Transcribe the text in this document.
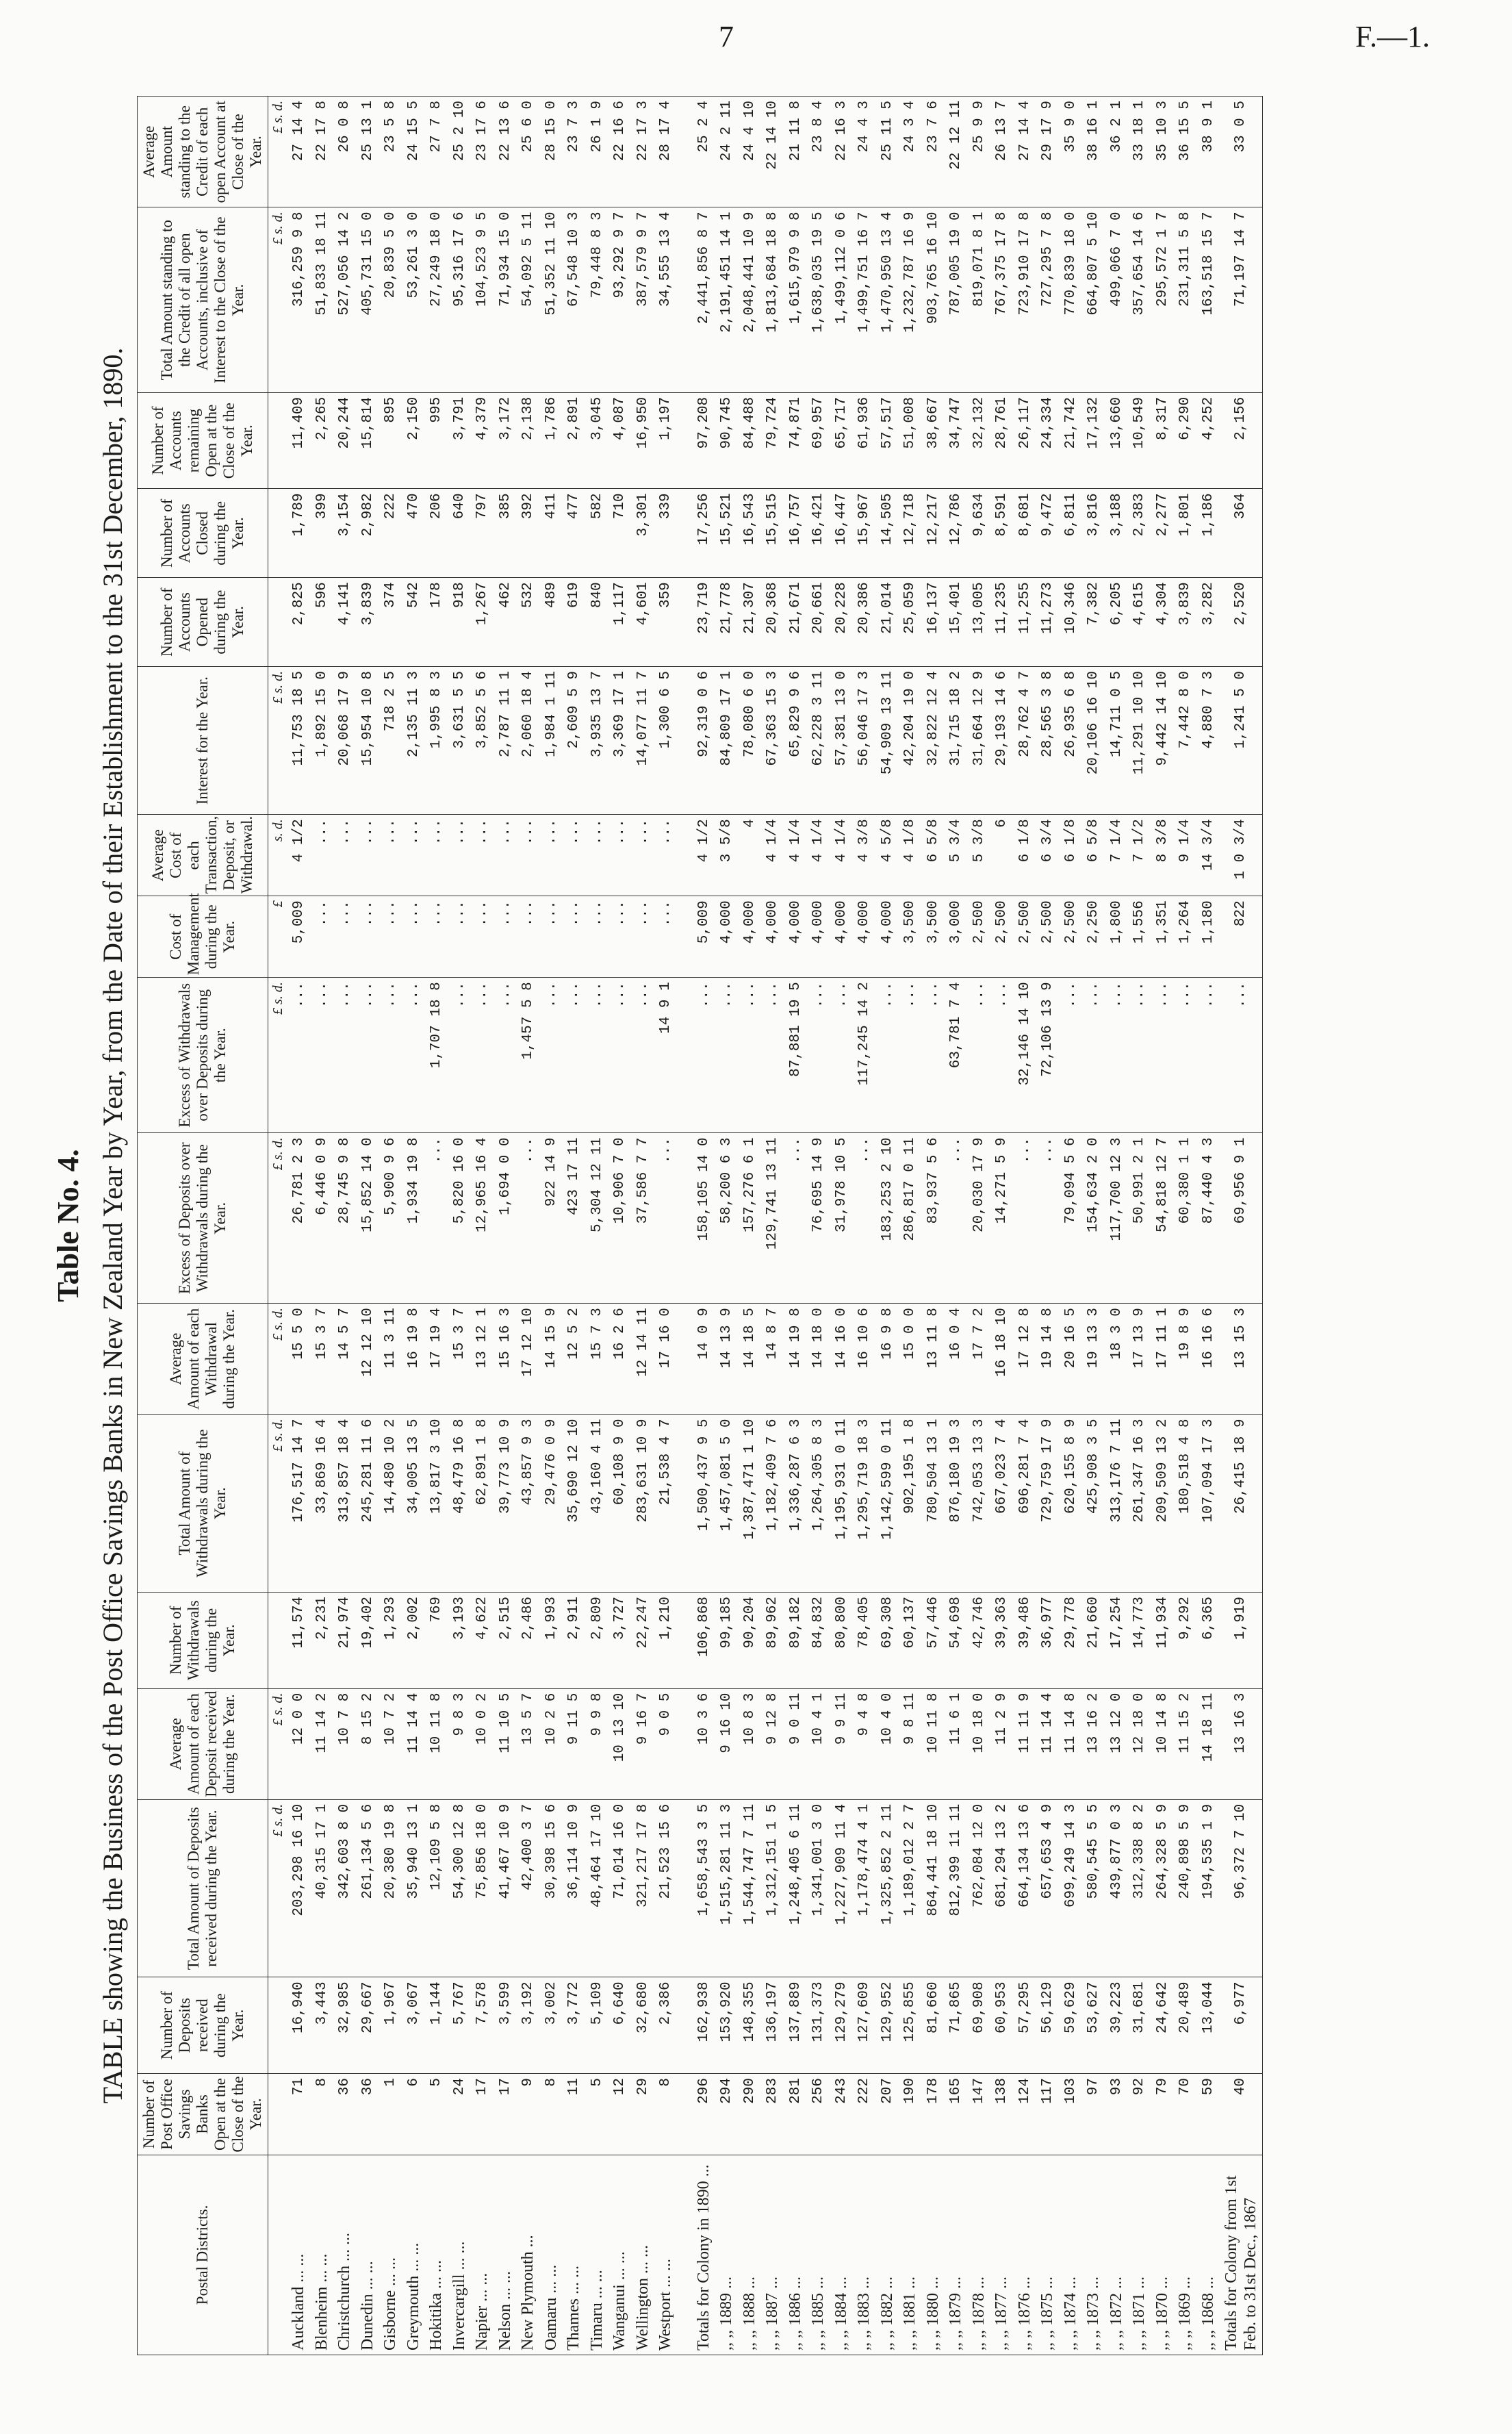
7	F.—1.
Table No. 4. TABLE showing the Business of the Post Office Savings Banks in New Zealand Year by Year, from the Date of their Establishment to the 31st December, 1890.
Postal Districts.	Number of Post Office Savings Banks Open at the Close of the Year.	Number of Deposits received during the Year.	Total Amount of Deposits received during the Year.	Average Amount of each Deposit received during the Year.	Number of Withdrawals during the Year.	Total Amount of Withdrawals during the Year.	Average Amount of each Withdrawal during the Year.	Excess of Deposits over Withdrawals during the Year.	Excess of Withdrawals over Deposits during the Year.	Cost of Management during the Year.	Average Cost of each Transaction, Deposit, or Withdrawal.	Interest for the Year.	Number of Accounts Opened during the Year.	Number of Accounts Closed during the Year.	Number of Accounts remaining Open at the Close of the Year.	Total Amount standing to the Credit of all open Accounts, inclusive of Interest to the Close of the Year.	Average Amount standing to the Credit of each open Account at Close of the Year.
			£ s. d.	£ s. d.		£ s. d.	£ s. d.	£ s. d.	£ s. d.	£	s. d.	£ s. d.				£ s. d.	£ s. d.
Auckland ... ...	71	16,940	203,298 16 10	12 0 0	11,574	176,517 14 7	15 5 0	26,781 2 3	...	5,009	4 1/2	11,753 18 5	2,825	1,789	11,409	316,259 9 8	27 14 4
Blenheim ... ...	8	3,443	40,315 17 1	11 14 2	2,231	33,869 16 4	15 3 7	6,446 0 9	...	...	...	1,892 15 0	596	399	2,265	51,833 18 11	22 17 8
Christchurch ... ...	36	32,985	342,603 8 0	10 7 8	21,974	313,857 18 4	14 5 7	28,745 9 8	...	...	...	20,068 17 9	4,141	3,154	20,244	527,056 14 2	26 0 8
Dunedin ... ...	36	29,667	261,134 5 6	8 15 2	19,402	245,281 11 6	12 12 10	15,852 14 0	...	...	...	15,954 10 8	3,839	2,982	15,814	405,731 15 0	25 13 1
Gisborne ... ...	1	1,967	20,380 19 8	10 7 2	1,293	14,480 10 2	11 3 11	5,900 9 6	...	...	...	718 2 5	374	222	895	20,839 5 0	23 5 8
Greymouth ... ...	6	3,067	35,940 13 1	11 14 4	2,002	34,005 13 5	16 19 8	1,934 19 8	...	...	...	2,135 11 3	542	470	2,150	53,261 3 0	24 15 5
Hokitika ... ...	5	1,144	12,109 5 8	10 11 8	769	13,817 3 10	17 19 4	...	1,707 18 8	...	...	1,995 8 3	178	206	995	27,249 18 0	27 7 8
Invercargill ... ...	24	5,767	54,300 12 8	9 8 3	3,193	48,479 16 8	15 3 7	5,820 16 0	...	...	...	3,631 5 5	918	640	3,791	95,316 17 6	25 2 10
Napier ... ...	17	7,578	75,856 18 0	10 0 2	4,622	62,891 1 8	13 12 1	12,965 16 4	...	...	...	3,852 5 6	1,267	797	4,379	104,523 9 5	23 17 6
Nelson ... ...	17	3,599	41,467 10 9	11 10 5	2,515	39,773 10 9	15 16 3	1,694 0 0	...	...	...	2,787 11 1	462	385	3,172	71,934 15 0	22 13 6
New Plymouth ...	9	3,192	42,400 3 7	13 5 7	2,486	43,857 9 3	17 12 10	...	1,457 5 8	...	...	2,060 18 4	532	392	2,138	54,092 5 11	25 6 0
Oamaru ... ...	8	3,002	30,398 15 6	10 2 6	1,993	29,476 0 9	14 15 9	922 14 9	...	...	...	1,984 1 11	489	411	1,786	51,352 11 10	28 15 0
Thames ... ...	11	3,772	36,114 10 9	9 11 5	2,911	35,690 12 10	12 5 2	423 17 11	...	...	...	2,609 5 9	619	477	2,891	67,548 10 3	23 7 3
Timaru ... ...	5	5,109	48,464 17 10	9 9 8	2,809	43,160 4 11	15 7 3	5,304 12 11	...	...	...	3,935 13 7	840	582	3,045	79,448 8 3	26 1 9
Wanganui ... ...	12	6,640	71,014 16 0	10 13 10	3,727	60,108 9 0	16 2 6	10,906 7 0	...	...	...	3,369 17 1	1,117	710	4,087	93,292 9 7	22 16 6
Wellington ... ...	29	32,680	321,217 17 8	9 16 7	22,247	283,631 10 9	12 14 11	37,586 7 7	...	...	...	14,077 11 7	4,601	3,301	16,950	387,579 9 7	22 17 3
Westport ... ...	8	2,386	21,523 15 6	9 0 5	1,210	21,538 4 7	17 16 0	...	14 9 1	...	...	1,300 6 5	359	339	1,197	34,555 13 4	28 17 4

Totals for Colony in 1890 ...	296	162,938	1,658,543 3 5	10 3 6	106,868	1,500,437 9 5	14 0 9	158,105 14 0	...	5,009	4 1/2	92,319 0 6	23,719	17,256	97,208	2,441,856 8 7	25 2 4
,, ,, 1889 ...	294	153,920	1,515,281 11 3	9 16 10	99,185	1,457,081 5 0	14 13 9	58,200 6 3	...	4,000	3 5/8	84,809 17 1	21,778	15,521	90,745	2,191,451 14 1	24 2 11
,, ,, 1888 ...	290	148,355	1,544,747 7 11	10 8 3	90,204	1,387,471 1 10	14 18 5	157,276 6 1	...	4,000	4	78,080 6 0	21,307	16,543	84,488	2,048,441 10 9	24 4 10
,, ,, 1887 ...	283	136,197	1,312,151 1 5	9 12 8	89,962	1,182,409 7 6	14 8 7	129,741 13 11	...	4,000	4 1/4	67,363 15 3	20,368	15,515	79,724	1,813,684 18 8	22 14 10
,, ,, 1886 ...	281	137,889	1,248,405 6 11	9 0 11	89,182	1,336,287 6 3	14 19 8	...	87,881 19 5	4,000	4 1/4	65,829 9 6	21,671	16,757	74,871	1,615,979 9 8	21 11 8
,, ,, 1885 ...	256	131,373	1,341,001 3 0	10 4 1	84,832	1,264,305 8 3	14 18 0	76,695 14 9	...	4,000	4 1/4	62,228 3 11	20,661	16,421	69,957	1,638,035 19 5	23 8 4
,, ,, 1884 ...	243	129,279	1,227,909 11 4	9 9 11	80,800	1,195,931 0 11	14 16 0	31,978 10 5	...	4,000	4 1/4	57,381 13 0	20,228	16,447	65,717	1,499,112 0 6	22 16 3
,, ,, 1883 ...	222	127,609	1,178,474 4 1	9 4 8	78,405	1,295,719 18 3	16 10 6	...	117,245 14 2	4,000	4 3/8	56,046 17 3	20,386	15,967	61,936	1,499,751 16 7	24 4 3
,, ,, 1882 ...	207	129,952	1,325,852 2 11	10 4 0	69,308	1,142,599 0 11	16 9 8	183,253 2 10	...	4,000	4 5/8	54,909 13 11	21,014	14,505	57,517	1,470,950 13 4	25 11 5
,, ,, 1881 ...	190	125,855	1,189,012 2 7	9 8 11	60,137	902,195 1 8	15 0 0	286,817 0 11	...	3,500	4 1/8	42,204 19 0	25,059	12,718	51,008	1,232,787 16 9	24 3 4
,, ,, 1880 ...	178	81,660	864,441 18 10	10 11 8	57,446	780,504 13 1	13 11 8	83,937 5 6	...	3,500	6 5/8	32,822 12 4	16,137	12,217	38,667	903,765 16 10	23 7 6
,, ,, 1879 ...	165	71,865	812,399 11 11	11 6 1	54,698	876,180 19 3	16 0 4	...	63,781 7 4	3,000	5 3/4	31,715 18 2	15,401	12,786	34,747	787,005 19 0	22 12 11
,, ,, 1878 ...	147	69,908	762,084 12 0	10 18 0	42,746	742,053 13 3	17 7 2	20,030 17 9	...	2,500	5 3/8	31,664 12 9	13,005	9,634	32,132	819,071 8 1	25 9 9
,, ,, 1877 ...	138	60,953	681,294 13 2	11 2 9	39,363	667,023 7 4	16 18 10	14,271 5 9	...	2,500	6	29,193 14 6	11,235	8,591	28,761	767,375 17 8	26 13 7
,, ,, 1876 ...	124	57,295	664,134 13 6	11 11 9	39,486	696,281 7 4	17 12 8	...	32,146 14 10	2,500	6 1/8	28,762 4 7	11,255	8,681	26,117	723,910 17 8	27 14 4
,, ,, 1875 ...	117	56,129	657,653 4 9	11 14 4	36,977	729,759 17 9	19 14 8	...	72,106 13 9	2,500	6 3/4	28,565 3 8	11,273	9,472	24,334	727,295 7 8	29 17 9
,, ,, 1874 ...	103	59,629	699,249 14 3	11 14 8	29,778	620,155 8 9	20 16 5	79,094 5 6	...	2,500	6 1/8	26,935 6 8	10,346	6,811	21,742	770,839 18 0	35 9 0
,, ,, 1873 ...	97	53,627	580,545 5 5	13 16 2	21,660	425,908 3 5	19 13 3	154,634 2 0	...	2,250	6 5/8	20,106 16 10	7,382	3,816	17,132	664,807 5 10	38 16 1
,, ,, 1872 ...	93	39,223	439,877 0 3	13 12 0	17,254	313,176 7 11	18 3 0	117,700 12 3	...	1,800	7 1/4	14,711 0 5	6,205	3,188	13,660	499,066 7 0	36 2 1
,, ,, 1871 ...	92	31,681	312,338 8 2	12 18 0	14,773	261,347 16 3	17 13 9	50,991 2 1	...	1,556	7 1/2	11,291 10 10	4,615	2,383	10,549	357,654 14 6	33 18 1
,, ,, 1870 ...	79	24,642	264,328 5 9	10 14 8	11,934	209,509 13 2	17 11 1	54,818 12 7	...	1,351	8 3/8	9,442 14 10	4,304	2,277	8,317	295,572 1 7	35 10 3
,, ,, 1869 ...	70	20,489	240,898 5 9	11 15 2	9,292	180,518 4 8	19 8 9	60,380 1 1	...	1,264	9 1/4	7,442 8 0	3,839	1,801	6,290	231,311 5 8	36 15 5
,, ,, 1868 ...	59	13,044	194,535 1 9	14 18 11	6,365	107,094 17 3	16 16 6	87,440 4 3	...	1,180	14 3/4	4,880 7 3	3,282	1,186	4,252	163,518 15 7	38 9 1
Totals for Colony from 1st Feb. to 31st Dec., 1867	40	6,977	96,372 7 10	13 16 3	1,919	26,415 18 9	13 15 3	69,956 9 1	...	822	1 0 3/4	1,241 5 0	2,520	364	2,156	71,197 14 7	33 0 5
